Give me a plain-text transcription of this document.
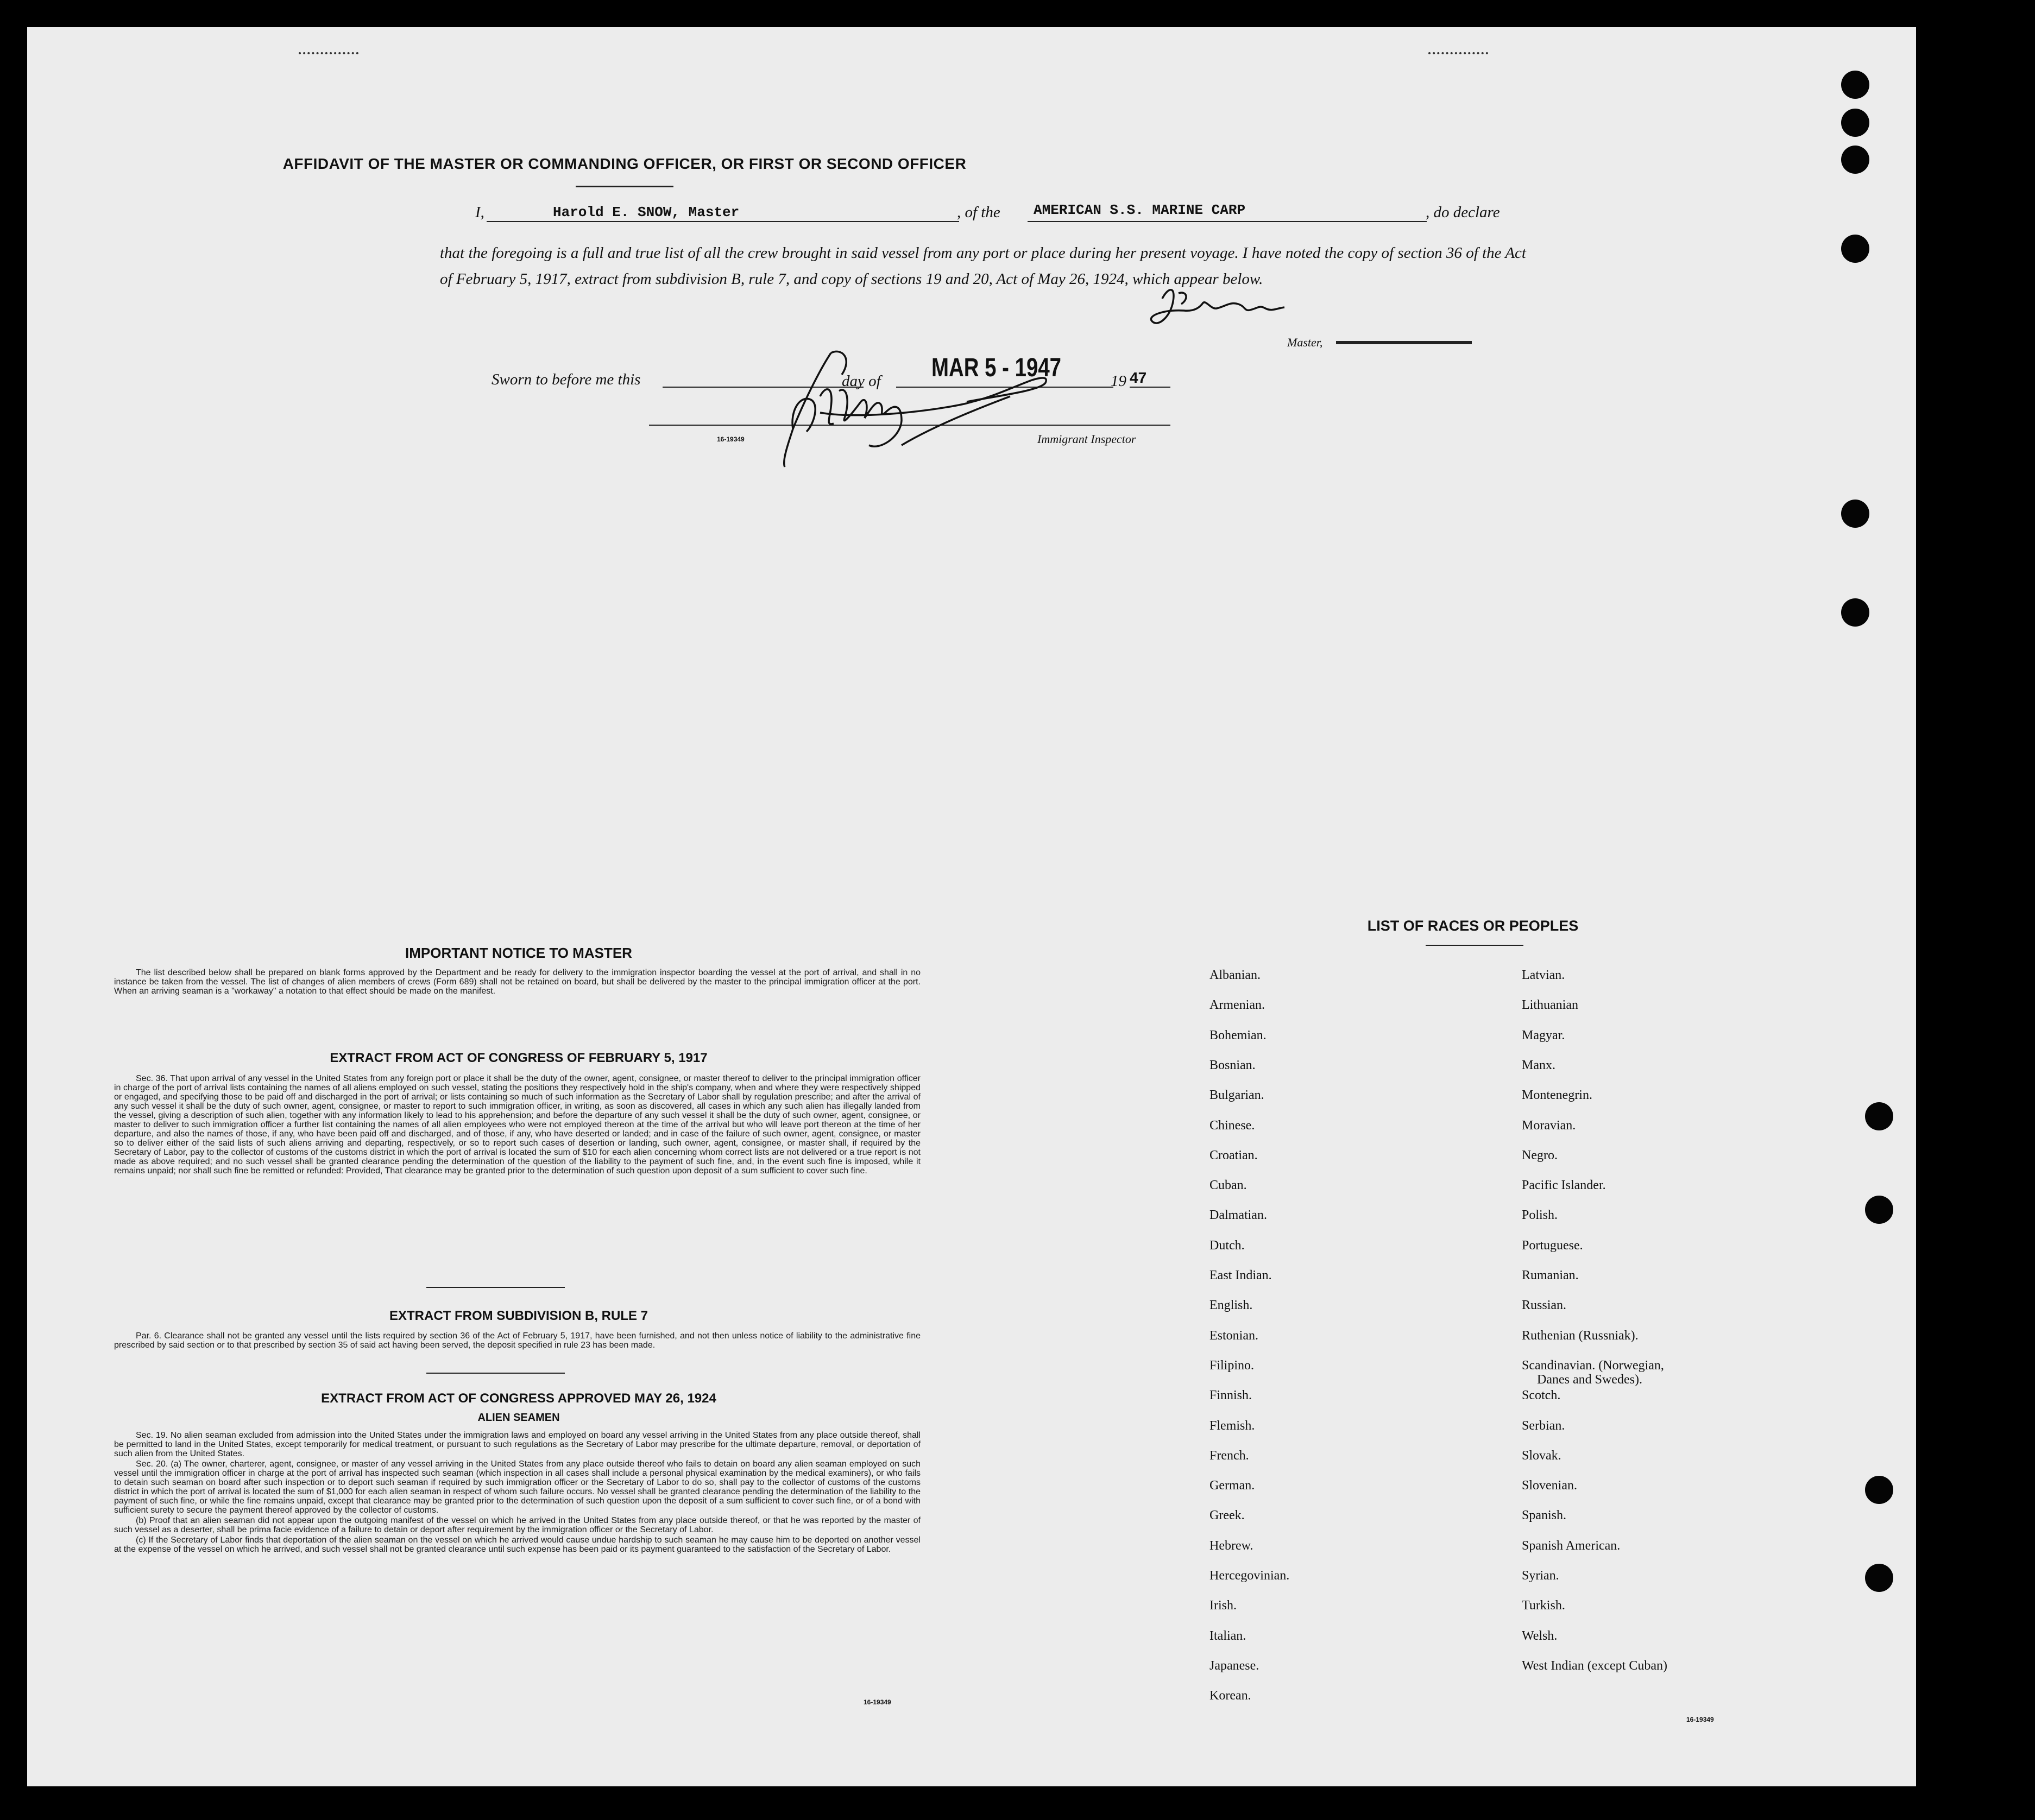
AFFIDAVIT OF THE MASTER OR COMMANDING OFFICER, OR FIRST OR SECOND OFFICER
I,	Harold E. SNOW, Master	, of the AMERICAN S.S. MARINE CARP	, do declare
that the foregoing is a full and true list of all the crew brought in said vessel from any port or place during her present voyage. I have noted the copy of section 36 of the Act of February 5, 1917, extract from subdivision B, rule 7, and copy of sections 19 and 20, Act of May 26, 1924, which appear below.
Master,
Sworn to before me this	day of MAR 5 - 1947	19 47
16-19349	Immigrant Inspector
IMPORTANT NOTICE TO MASTER

The list described below shall be prepared on blank forms approved by the Department and be ready for delivery to the immigration inspector boarding the vessel at the port of arrival, and shall in no instance be taken from the vessel. The list of changes of alien members of crews (Form 689) shall not be retained on board, but shall be delivered by the master to the principal immigration officer at the port. When an arriving seaman is a "workaway" a notation to that effect should be made on the manifest.

EXTRACT FROM ACT OF CONGRESS OF FEBRUARY 5, 1917

Sec. 36. That upon arrival of any vessel in the United States from any foreign port or place it shall be the duty of the owner, agent, consignee, or master thereof to deliver to the principal immigration officer in charge of the port of arrival lists containing the names of all aliens employed on such vessel, stating the positions they respectively hold in the ship's company, when and where they were respectively shipped or engaged, and specifying those to be paid off and discharged in the port of arrival; or lists containing so much of such information as the Secretary of Labor shall by regulation prescribe; and after the arrival of any such vessel it shall be the duty of such owner, agent, consignee, or master to report to such immigration officer, in writing, as soon as discovered, all cases in which any such alien has illegally landed from the vessel, giving a description of such alien, together with any information likely to lead to his apprehension; and before the departure of any such vessel it shall be the duty of such owner, agent, consignee, or master to deliver to such immigration officer a further list containing the names of all alien employees who were not employed thereon at the time of the arrival but who will leave port thereon at the time of her departure, and also the names of those, if any, who have been paid off and discharged, and of those, if any, who have deserted or landed; and in case of the failure of such owner, agent, consignee, or master so to deliver either of the said lists of such aliens arriving and departing, respectively, or so to report such cases of desertion or landing, such owner, agent, consignee, or master shall, if required by the Secretary of Labor, pay to the collector of customs of the customs district in which the port of arrival is located the sum of $10 for each alien concerning whom correct lists are not delivered or a true report is not made as above required; and no such vessel shall be granted clearance pending the determination of the question of the liability to the payment of such fine, and, in the event such fine is imposed, while it remains unpaid; nor shall such fine be remitted or refunded: Provided, That clearance may be granted prior to the determination of such question upon deposit of a sum sufficient to cover such fine.

EXTRACT FROM SUBDIVISION B, RULE 7

Par. 6. Clearance shall not be granted any vessel until the lists required by section 36 of the Act of February 5, 1917, have been furnished, and not then unless notice of liability to the administrative fine prescribed by said section or to that prescribed by section 35 of said act having been served, the deposit specified in rule 23 has been made.

EXTRACT FROM ACT OF CONGRESS APPROVED MAY 26, 1924
ALIEN SEAMEN

Sec. 19. No alien seaman excluded from admission into the United States under the immigration laws and employed on board any vessel arriving in the United States from any place outside thereof, shall be permitted to land in the United States, except temporarily for medical treatment, or pursuant to such regulations as the Secretary of Labor may prescribe for the ultimate departure, removal, or deportation of such alien from the United States.

Sec. 20. (a) The owner, charterer, agent, consignee, or master of any vessel arriving in the United States from any place outside thereof who fails to detain on board any alien seaman employed on such vessel until the immigration officer in charge at the port of arrival has inspected such seaman (which inspection in all cases shall include a personal physical examination by the medical examiners), or who fails to detain such seaman on board after such inspection or to deport such seaman if required by such immigration officer or the Secretary of Labor to do so, shall pay to the collector of customs of the customs district in which the port of arrival is located the sum of $1,000 for each alien seaman in respect of whom such failure occurs. No vessel shall be granted clearance pending the determination of the liability to the payment of such fine, or while the fine remains unpaid, except that clearance may be granted prior to the determination of such question upon the deposit of a sum sufficient to cover such fine, or of a bond with sufficient surety to secure the payment thereof approved by the collector of customs.

(b) Proof that an alien seaman did not appear upon the outgoing manifest of the vessel on which he arrived in the United States from any place outside thereof, or that he was reported by the master of such vessel as a deserter, shall be prima facie evidence of a failure to detain or deport after requirement by the immigration officer or the Secretary of Labor.

(c) If the Secretary of Labor finds that deportation of the alien seaman on the vessel on which he arrived would cause undue hardship to such seaman he may cause him to be deported on another vessel at the expense of the vessel on which he arrived, and such vessel shall not be granted clearance until such expense has been paid or its payment guaranteed to the satisfaction of the Secretary of Labor.

16-19349
LIST OF RACES OR PEOPLES
Albanian.
Armenian.
Bohemian.
Bosnian.
Bulgarian.
Chinese.
Croatian.
Cuban.
Dalmatian.
Dutch.
East Indian.
English.
Estonian.
Filipino.
Finnish.
Flemish.
French.
German.
Greek.
Hebrew.
Hercegovinian.
Irish.
Italian.
Japanese.
Korean.
Latvian.
Lithuanian
Magyar.
Manx.
Montenegrin.
Moravian.
Negro.
Pacific Islander.
Polish.
Portuguese.
Rumanian.
Russian.
Ruthenian (Russniak).
Scandinavian. (Norwegian,
Danes and Swedes).
Scotch.
Serbian.
Slovak.
Slovenian.
Spanish.
Spanish American.
Syrian.
Turkish.
Welsh.
West Indian (except Cuban)
16-19349
